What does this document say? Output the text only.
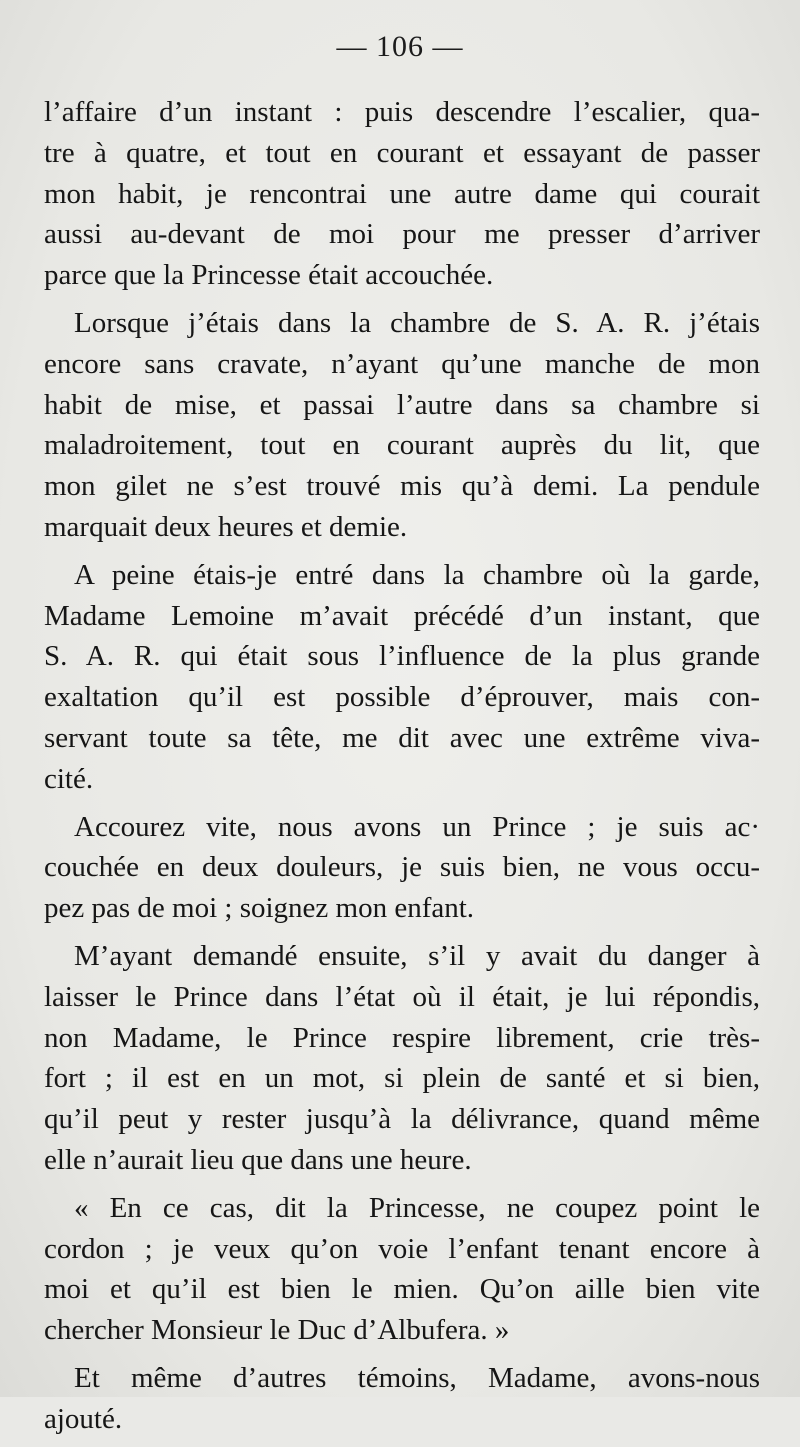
— 106 —

l’affaire d’un instant : puis descendre l’escalier, qua-
tre à quatre, et tout en courant et essayant de passer
mon habit, je rencontrai une autre dame qui courait
aussi au-devant de moi pour me presser d’arriver
parce que la Princesse était accouchée.

Lorsque j’étais dans la chambre de S. A. R. j’étais
encore sans cravate, n’ayant qu’une manche de mon
habit de mise, et passai l’autre dans sa chambre si
maladroitement, tout en courant auprès du lit, que
mon gilet ne s’est trouvé mis qu’à demi. La pendule
marquait deux heures et demie.

A peine étais-je entré dans la chambre où la garde,
Madame Lemoine m’avait précédé d’un instant, que
S. A. R. qui était sous l’influence de la plus grande
exaltation qu’il est possible d’éprouver, mais con-
servant toute sa tête, me dit avec une extrême viva-
cité.

Accourez vite, nous avons un Prince ; je suis ac·
couchée en deux douleurs, je suis bien, ne vous occu-
pez pas de moi ; soignez mon enfant.

M’ayant demandé ensuite, s’il y avait du danger à
laisser le Prince dans l’état où il était, je lui répondis,
non Madame, le Prince respire librement, crie très-
fort ; il est en un mot, si plein de santé et si bien,
qu’il peut y rester jusqu’à la délivrance, quand même
elle n’aurait lieu que dans une heure.

« En ce cas, dit la Princesse, ne coupez point le
cordon ; je veux qu’on voie l’enfant tenant encore à
moi et qu’il est bien le mien. Qu’on aille bien vite
chercher Monsieur le Duc d’Albufera. »

Et même d’autres témoins, Madame, avons-nous
ajouté.
